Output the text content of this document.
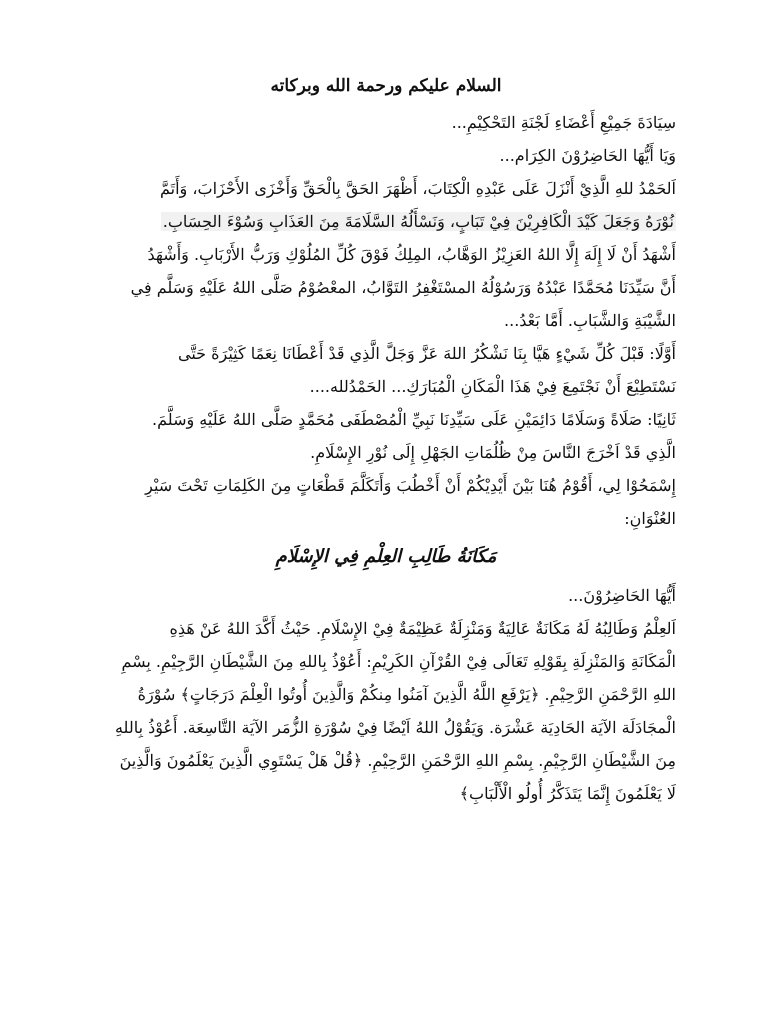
السلام عليكم ورحمة الله وبركاته

سِيَادَةَ جَمِيْعِ أَعْضَاءِ لَجْنَةِ التَحْكِيْمِ...

وَيَا أَيُّهَا الحَاضِرُوْنَ الكِرَام...

اَلحَمْدُ للهِ الَّذِيْ أَنْزَلَ عَلَى عَبْدِهِ الْكِتَابَ، أَظْهَرَ الحَقَّ بِالْحَقِّ وَأَخْزَى الأَحْزَابَ، وَأَتَمَّ

نُوْرَهُ وَجَعَلَ كَيْدَ الْكَافِرِيْنَ فِيْ تَبَابٍ، وَنَسْأَلُهُ السَّلَامَةَ مِنَ العَذَابِ وَسُوْءَ الحِسَابِ.

أَشْهَدُ أَنْ لَا إِلَهَ إِلَّا اللهُ العَزِيْزُ الوَهَّابُ، المِلِكُ فَوْقَ كُلِّ المُلُوْكِ وَرَبُّ الأَرْبَابِ. وَأَشْهَدُ

أَنَّ سَيِّدَنَا مُحَمَّدًا عَبْدُهُ وَرَسُوْلُهُ المسْتَغْفِرُ التَوَّابُ، المعْصُوْمُ صَلَّى اللهُ عَلَيْهِ وَسَلَّم فِي

الشَّيْبَةِ وَالشَّبَابِ. أَمَّا بَعْدُ...

أَوَّلًا: قَبْلَ كُلِّ شَيْءٍ هَيَّا بِنَا نَشْكُرُ اللهَ عَزَّ وَجَلَّ الَّذِي قَدْ أَعْطَانَا نِعَمًا كَثِيْرَةً حَتَّى

نَسْتَطِيْعَ أَنْ نَجْتَمِعَ فِيْ هَذَا الْمَكَانِ الْمُبَارَكِ... الحَمْدُلله....

ثَانِيًا: صَلَاةً وَسَلَامًا دَائِمَيْنِ عَلَى سَيِّدِنَا نَبِيِّ الْمُصْطَفَى مُحَمَّدٍ صَلَّى اللهُ عَلَيْهِ وَسَلَّمَ.

الَّذِي قَدْ اَخْرَجَ النَّاسَ مِنْ ظُلُمَاتِ الجَهْلِ إِلَى نُوْرِ الإِسْلَامِ.

إِسْمَحُوْا لِي، أَقُوْمُ هُنَا بَيْنَ أَيْدِيْكُمْ أَنْ أَخْطُبَ وَأَتَكَلَّمَ قَطْعَاتٍ مِنَ الكَلِمَاتِ تَحْتَ سَيْرِ

العُنْوَانِ:

مَكَانَةُ طَالِبِ العِلْمِ فِي الإِسْلَامِ

أَيُّهَا الحَاضِرُوْنَ...

اَلعِلْمُ وَطَالِبُهُ لَهُ مَكَانَةٌ عَالِيَةٌ وَمَنْزِلَةٌ عَظِيْمَةٌ فِيْ الإِسْلَامِ. حَيْثُ أَكَّدَ اللهُ عَنْ هَذِهِ

الْمَكَانَةِ وَالمَنْزِلَةِ بِقَوْلِهِ تَعَالَى فِيْ القُرْآنِ الكَرِيْمِ: أَعُوْذُ بِاللهِ مِنَ الشَّيْطَانِ الرَّجِيْمِ. بِسْمِ

اللهِ الرَّحْمَنِ الرَّحِيْمِ. ﴿يَرْفَعِ اللَّهُ الَّذِينَ آمَنُوا مِنكُمْ وَالَّذِينَ أُوتُوا الْعِلْمَ دَرَجَاتٍ﴾ سُوْرَةُ

الْمجَادَلَة الآيَة الحَادِيَة عَشْرَة. وَيَقُوْلُ اللهُ اَيْضًا فِيْ سُوْرَةِ الزُّمَر الآيَة التَّاسِعَة. أَعُوْذُ بِاللهِ

مِنَ الشَّيْطَانِ الرَّجِيْمِ. بِسْمِ اللهِ الرَّحْمَنِ الرَّحِيْمِ. ﴿قُلْ هَلْ يَسْتَوِي الَّذِينَ يَعْلَمُونَ وَالَّذِينَ

لَا يَعْلَمُونَ إِنَّمَا يَتَذَكَّرُ أُولُو الْأَلْبَابِ﴾
